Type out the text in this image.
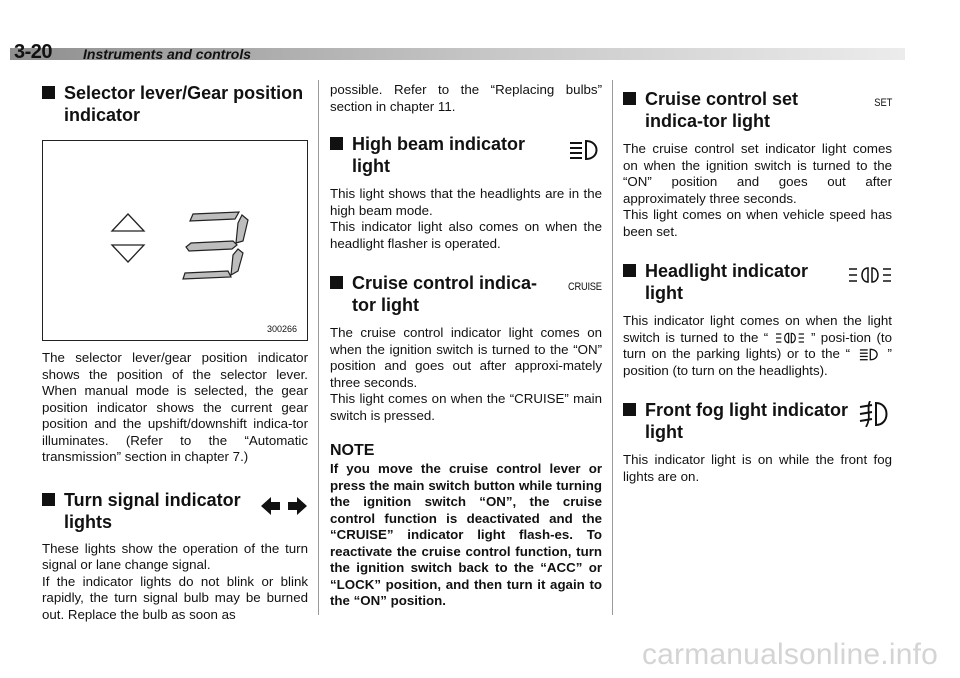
3-20 Instruments and controls
Selector lever/Gear position indicator
300266

The selector lever/gear position indicator shows the position of the selector lever. When manual mode is selected, the gear position indicator shows the current gear position and the upshift/downshift indica-tor illuminates. (Refer to the “Automatic transmission” section in chapter 7.)

Turn signal indicator lights

These lights show the operation of the turn signal or lane change signal.

If the indicator lights do not blink or blink rapidly, the turn signal bulb may be burned out. Replace the bulb as soon as

possible. Refer to the “Replacing bulbs” section in chapter 11.

High beam indicator light

This light shows that the headlights are in the high beam mode.

This indicator light also comes on when the headlight flasher is operated.

Cruise control indica-tor light
CRUISE

The cruise control indicator light comes on when the ignition switch is turned to the “ON” position and goes out after approxi-mately three seconds.

This light comes on when the “CRUISE” main switch is pressed.

NOTE

If you move the cruise control lever or press the main switch button while turning the ignition switch “ON”, the cruise control function is deactivated and the “CRUISE” indicator light flash-es. To reactivate the cruise control function, turn the ignition switch back to the “ACC” or “LOCK” position, and then turn it again to the “ON” position.

Cruise control set indica-tor light
SET

The cruise control set indicator light comes on when the ignition switch is turned to the “ON” position and goes out after approximately three seconds.

This light comes on when vehicle speed has been set.

Headlight indicator light

This indicator light comes on when the light switch is turned to the “	” posi-tion (to turn on the parking lights) or to the “	” position (to turn on the headlights).

Front fog light indicator light

This indicator light is on while the front fog lights are on.

carmanualsonline.info
